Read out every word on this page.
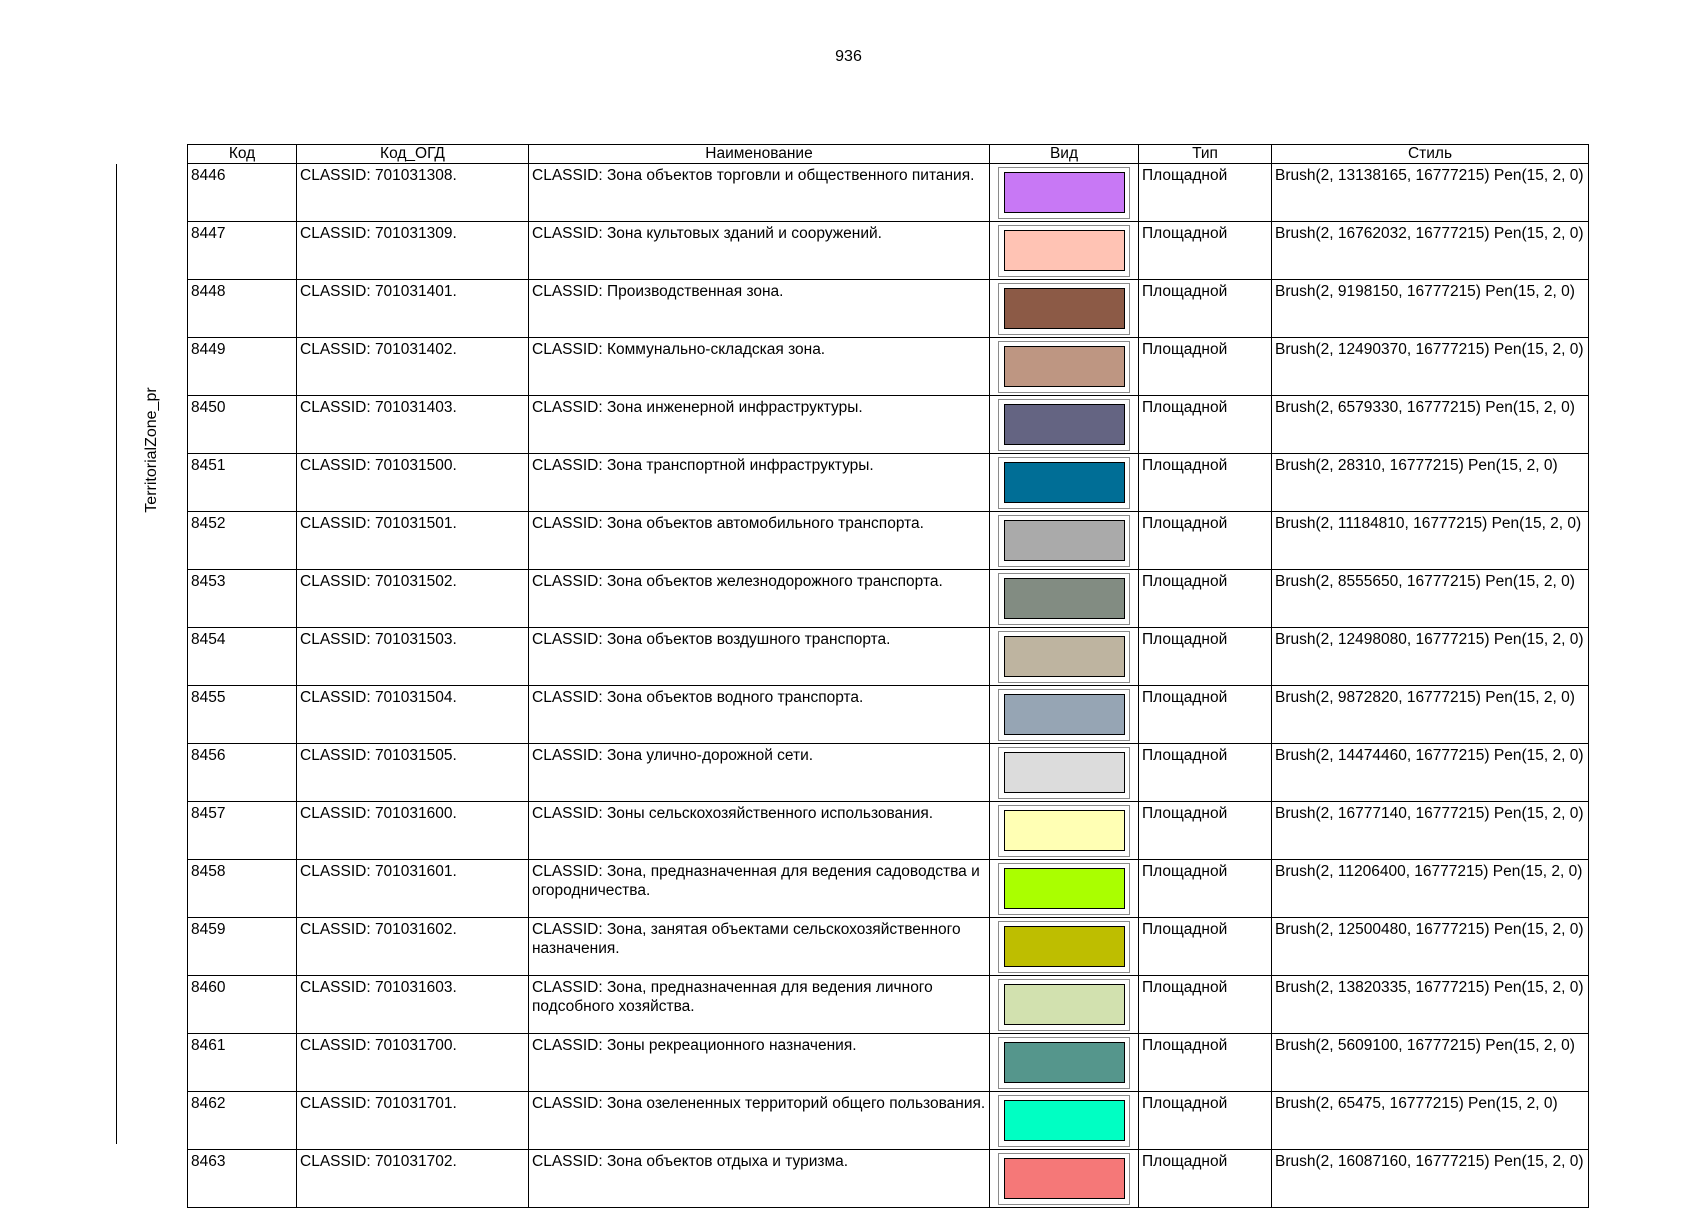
936
TerritorialZone_pr
Код	Код_ОГД	Наименование	Вид	Тип	Стиль
8446	CLASSID: 701031308.	CLASSID: Зона объектов торговли и общественного питания.		Площадной	Brush(2, 13138165, 16777215) Pen(15, 2, 0)
8447	CLASSID: 701031309.	CLASSID: Зона культовых зданий и сооружений.		Площадной	Brush(2, 16762032, 16777215) Pen(15, 2, 0)
8448	CLASSID: 701031401.	CLASSID: Производственная зона.		Площадной	Brush(2, 9198150, 16777215) Pen(15, 2, 0)
8449	CLASSID: 701031402.	CLASSID: Коммунально-складская зона.		Площадной	Brush(2, 12490370, 16777215) Pen(15, 2, 0)
8450	CLASSID: 701031403.	CLASSID: Зона инженерной инфраструктуры.		Площадной	Brush(2, 6579330, 16777215) Pen(15, 2, 0)
8451	CLASSID: 701031500.	CLASSID: Зона транспортной инфраструктуры.		Площадной	Brush(2, 28310, 16777215) Pen(15, 2, 0)
8452	CLASSID: 701031501.	CLASSID: Зона объектов автомобильного транспорта.		Площадной	Brush(2, 11184810, 16777215) Pen(15, 2, 0)
8453	CLASSID: 701031502.	CLASSID: Зона объектов железнодорожного транспорта.		Площадной	Brush(2, 8555650, 16777215) Pen(15, 2, 0)
8454	CLASSID: 701031503.	CLASSID: Зона объектов воздушного транспорта.		Площадной	Brush(2, 12498080, 16777215) Pen(15, 2, 0)
8455	CLASSID: 701031504.	CLASSID: Зона объектов водного транспорта.		Площадной	Brush(2, 9872820, 16777215) Pen(15, 2, 0)
8456	CLASSID: 701031505.	CLASSID: Зона улично-дорожной сети.		Площадной	Brush(2, 14474460, 16777215) Pen(15, 2, 0)
8457	CLASSID: 701031600.	CLASSID: Зоны сельскохозяйственного использования.		Площадной	Brush(2, 16777140, 16777215) Pen(15, 2, 0)
8458	CLASSID: 701031601.	CLASSID: Зона, предназначенная для ведения садоводства и огородничества.		Площадной	Brush(2, 11206400, 16777215) Pen(15, 2, 0)
8459	CLASSID: 701031602.	CLASSID: Зона, занятая объектами сельскохозяйственного назначения.		Площадной	Brush(2, 12500480, 16777215) Pen(15, 2, 0)
8460	CLASSID: 701031603.	CLASSID: Зона, предназначенная для ведения личного подсобного хозяйства.		Площадной	Brush(2, 13820335, 16777215) Pen(15, 2, 0)
8461	CLASSID: 701031700.	CLASSID: Зоны рекреационного назначения.		Площадной	Brush(2, 5609100, 16777215) Pen(15, 2, 0)
8462	CLASSID: 701031701.	CLASSID: Зона озелененных территорий общего пользования.		Площадной	Brush(2, 65475, 16777215) Pen(15, 2, 0)
8463	CLASSID: 701031702.	CLASSID: Зона объектов отдыха и туризма.		Площадной	Brush(2, 16087160, 16777215) Pen(15, 2, 0)
